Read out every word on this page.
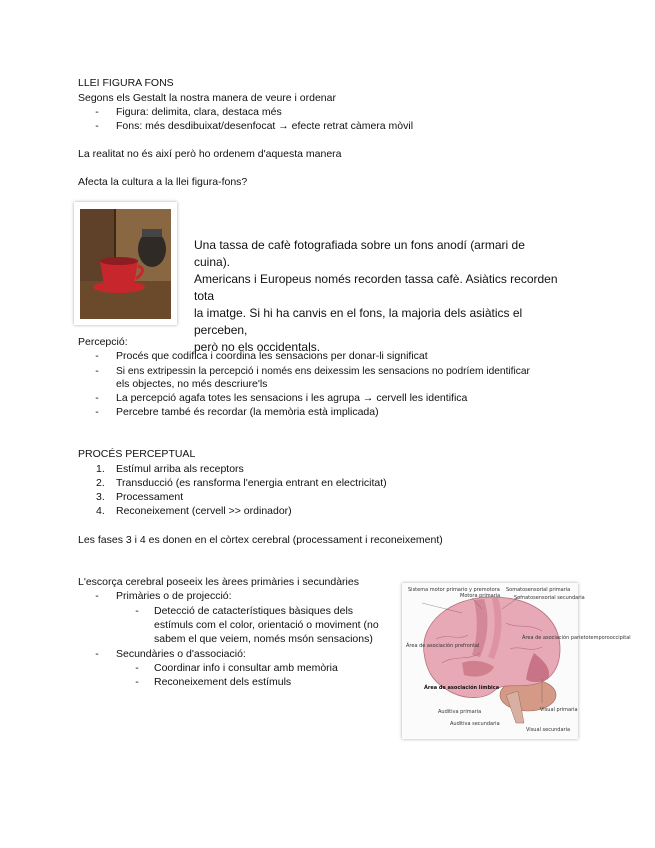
LLEI FIGURA FONS
Segons els Gestalt la nostra manera de veure i ordenar
-	Figura: delimita, clara, destaca més
-	Fons: més desdibuixat/desenfocat → efecte retrat càmera mòvil
La realitat no és així però ho ordenem d'aquesta manera
Afecta la cultura a la llei figura-fons?
Una tassa de cafè fotografiada sobre un fons anodí (armari de cuina).
Americans i Europeus només recorden tassa cafè. Asiàtics recorden tota
la imatge. Si hi ha canvis en el fons, la majoria dels asiàtics el perceben,
però no els occidentals.
Percepció:
-	Procés que codifica i coordina les sensacions per donar-li significat
-	Si ens extripessin la percepció i només ens deixessim les sensacions no podríem identificar
els objectes, no més descriure'ls
-	La percepció agafa totes les sensacions i les agrupa → cervell les identifica
-	Percebre també és recordar (la memòria està implicada)
PROCÉS PERCEPTUAL
1. Estímul arriba als receptors
2. Transducció (es ransforma l'energia entrant en electricitat)
3. Processament
4. Reconeixement (cervell >> ordinador)
Les fases 3 i 4 es donen en el còrtex cerebral (processament i reconeixement)
L'escorça cerebral poseeix les àrees primàries i secundàries
-	Primàries o de projecció:
-	Detecció de catacterístiques bàsiques dels
estímuls com el color, orientació o moviment (no
sabem el que veiem, només msón sensacions)
-	Secundàries o d'associació:
-	Coordinar info i consultar amb memòria
-	Reconeixement dels estímuls
Sistema motor primario y premotora
Motora primaria
Somatosensorial primaria
Somatosensorial secundaria
Área de asociación parietotemporooccipital
Área de asociación prefrontal
Área de asociación límbica
Auditiva primaria
Auditiva secundaria
Visual primaria
Visual secundaria
